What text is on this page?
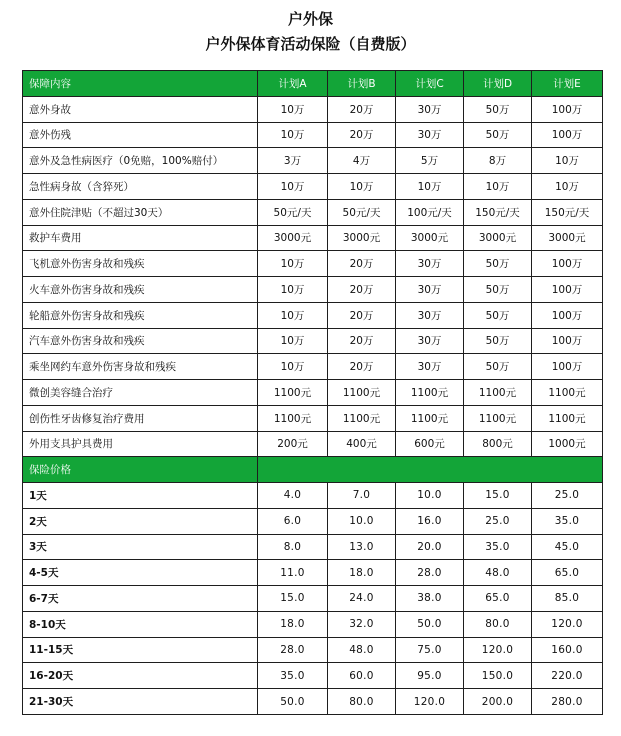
户外保
户外保体育活动保险（自费版）
保障内容	计划A	计划B	计划C	计划D	计划E
意外身故	10万	20万	30万	50万	100万
意外伤残	10万	20万	30万	50万	100万
意外及急性病医疗（0免赔，100%赔付）	3万	4万	5万	8万	10万
急性病身故（含猝死）	10万	10万	10万	10万	10万
意外住院津贴（不超过30天）	50元/天	50元/天	100元/天	150元/天	150元/天
救护车费用	3000元	3000元	3000元	3000元	3000元
飞机意外伤害身故和残疾	10万	20万	30万	50万	100万
火车意外伤害身故和残疾	10万	20万	30万	50万	100万
轮船意外伤害身故和残疾	10万	20万	30万	50万	100万
汽车意外伤害身故和残疾	10万	20万	30万	50万	100万
乘坐网约车意外伤害身故和残疾	10万	20万	30万	50万	100万
微创美容缝合治疗	1100元	1100元	1100元	1100元	1100元
创伤性牙齿修复治疗费用	1100元	1100元	1100元	1100元	1100元
外用支具护具费用	200元	400元	600元	800元	1000元
保险价格					
1天	4.0	7.0	10.0	15.0	25.0
2天	6.0	10.0	16.0	25.0	35.0
3天	8.0	13.0	20.0	35.0	45.0
4-5天	11.0	18.0	28.0	48.0	65.0
6-7天	15.0	24.0	38.0	65.0	85.0
8-10天	18.0	32.0	50.0	80.0	120.0
11-15天	28.0	48.0	75.0	120.0	160.0
16-20天	35.0	60.0	95.0	150.0	220.0
21-30天	50.0	80.0	120.0	200.0	280.0
